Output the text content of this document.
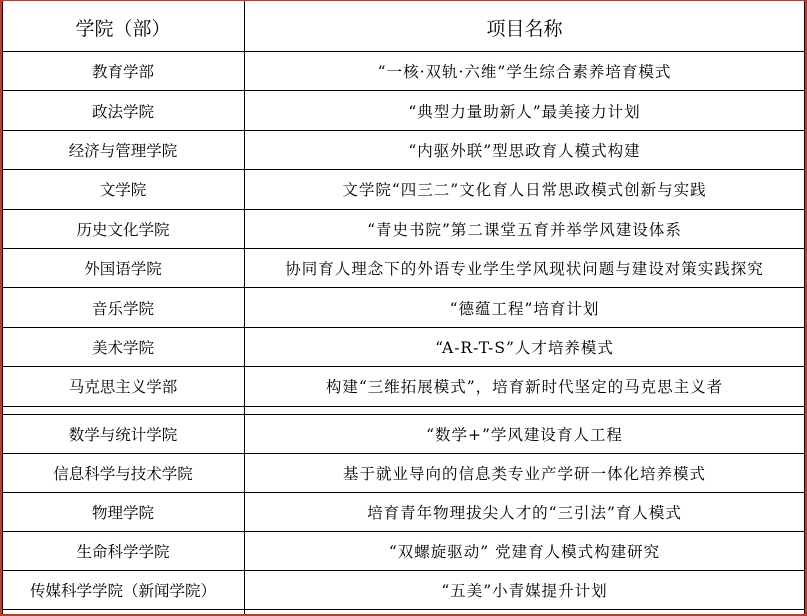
学院（部）	项目名称
教育学部	“一核·双轨·六维”学生综合素养培育模式
政法学院	“典型力量助新人”最美接力计划
经济与管理学院	“内驱外联”型思政育人模式构建
文学院	文学院“四三二”文化育人日常思政模式创新与实践
历史文化学院	“青史书院”第二课堂五育并举学风建设体系
外国语学院	协同育人理念下的外语专业学生学风现状问题与建设对策实践探究
音乐学院	“德蕴工程”培育计划
美术学院	“A-R-T-S”人才培养模式
马克思主义学部	构建“三维拓展模式”，培育新时代坚定的马克思主义者

数学与统计学院	“数学+”学风建设育人工程
信息科学与技术学院	基于就业导向的信息类专业产学研一体化培养模式
物理学院	培育青年物理拔尖人才的“三引法”育人模式
生命科学学院	“双螺旋驱动” 党建育人模式构建研究
传媒科学学院（新闻学院）	“五美”小青媒提升计划
